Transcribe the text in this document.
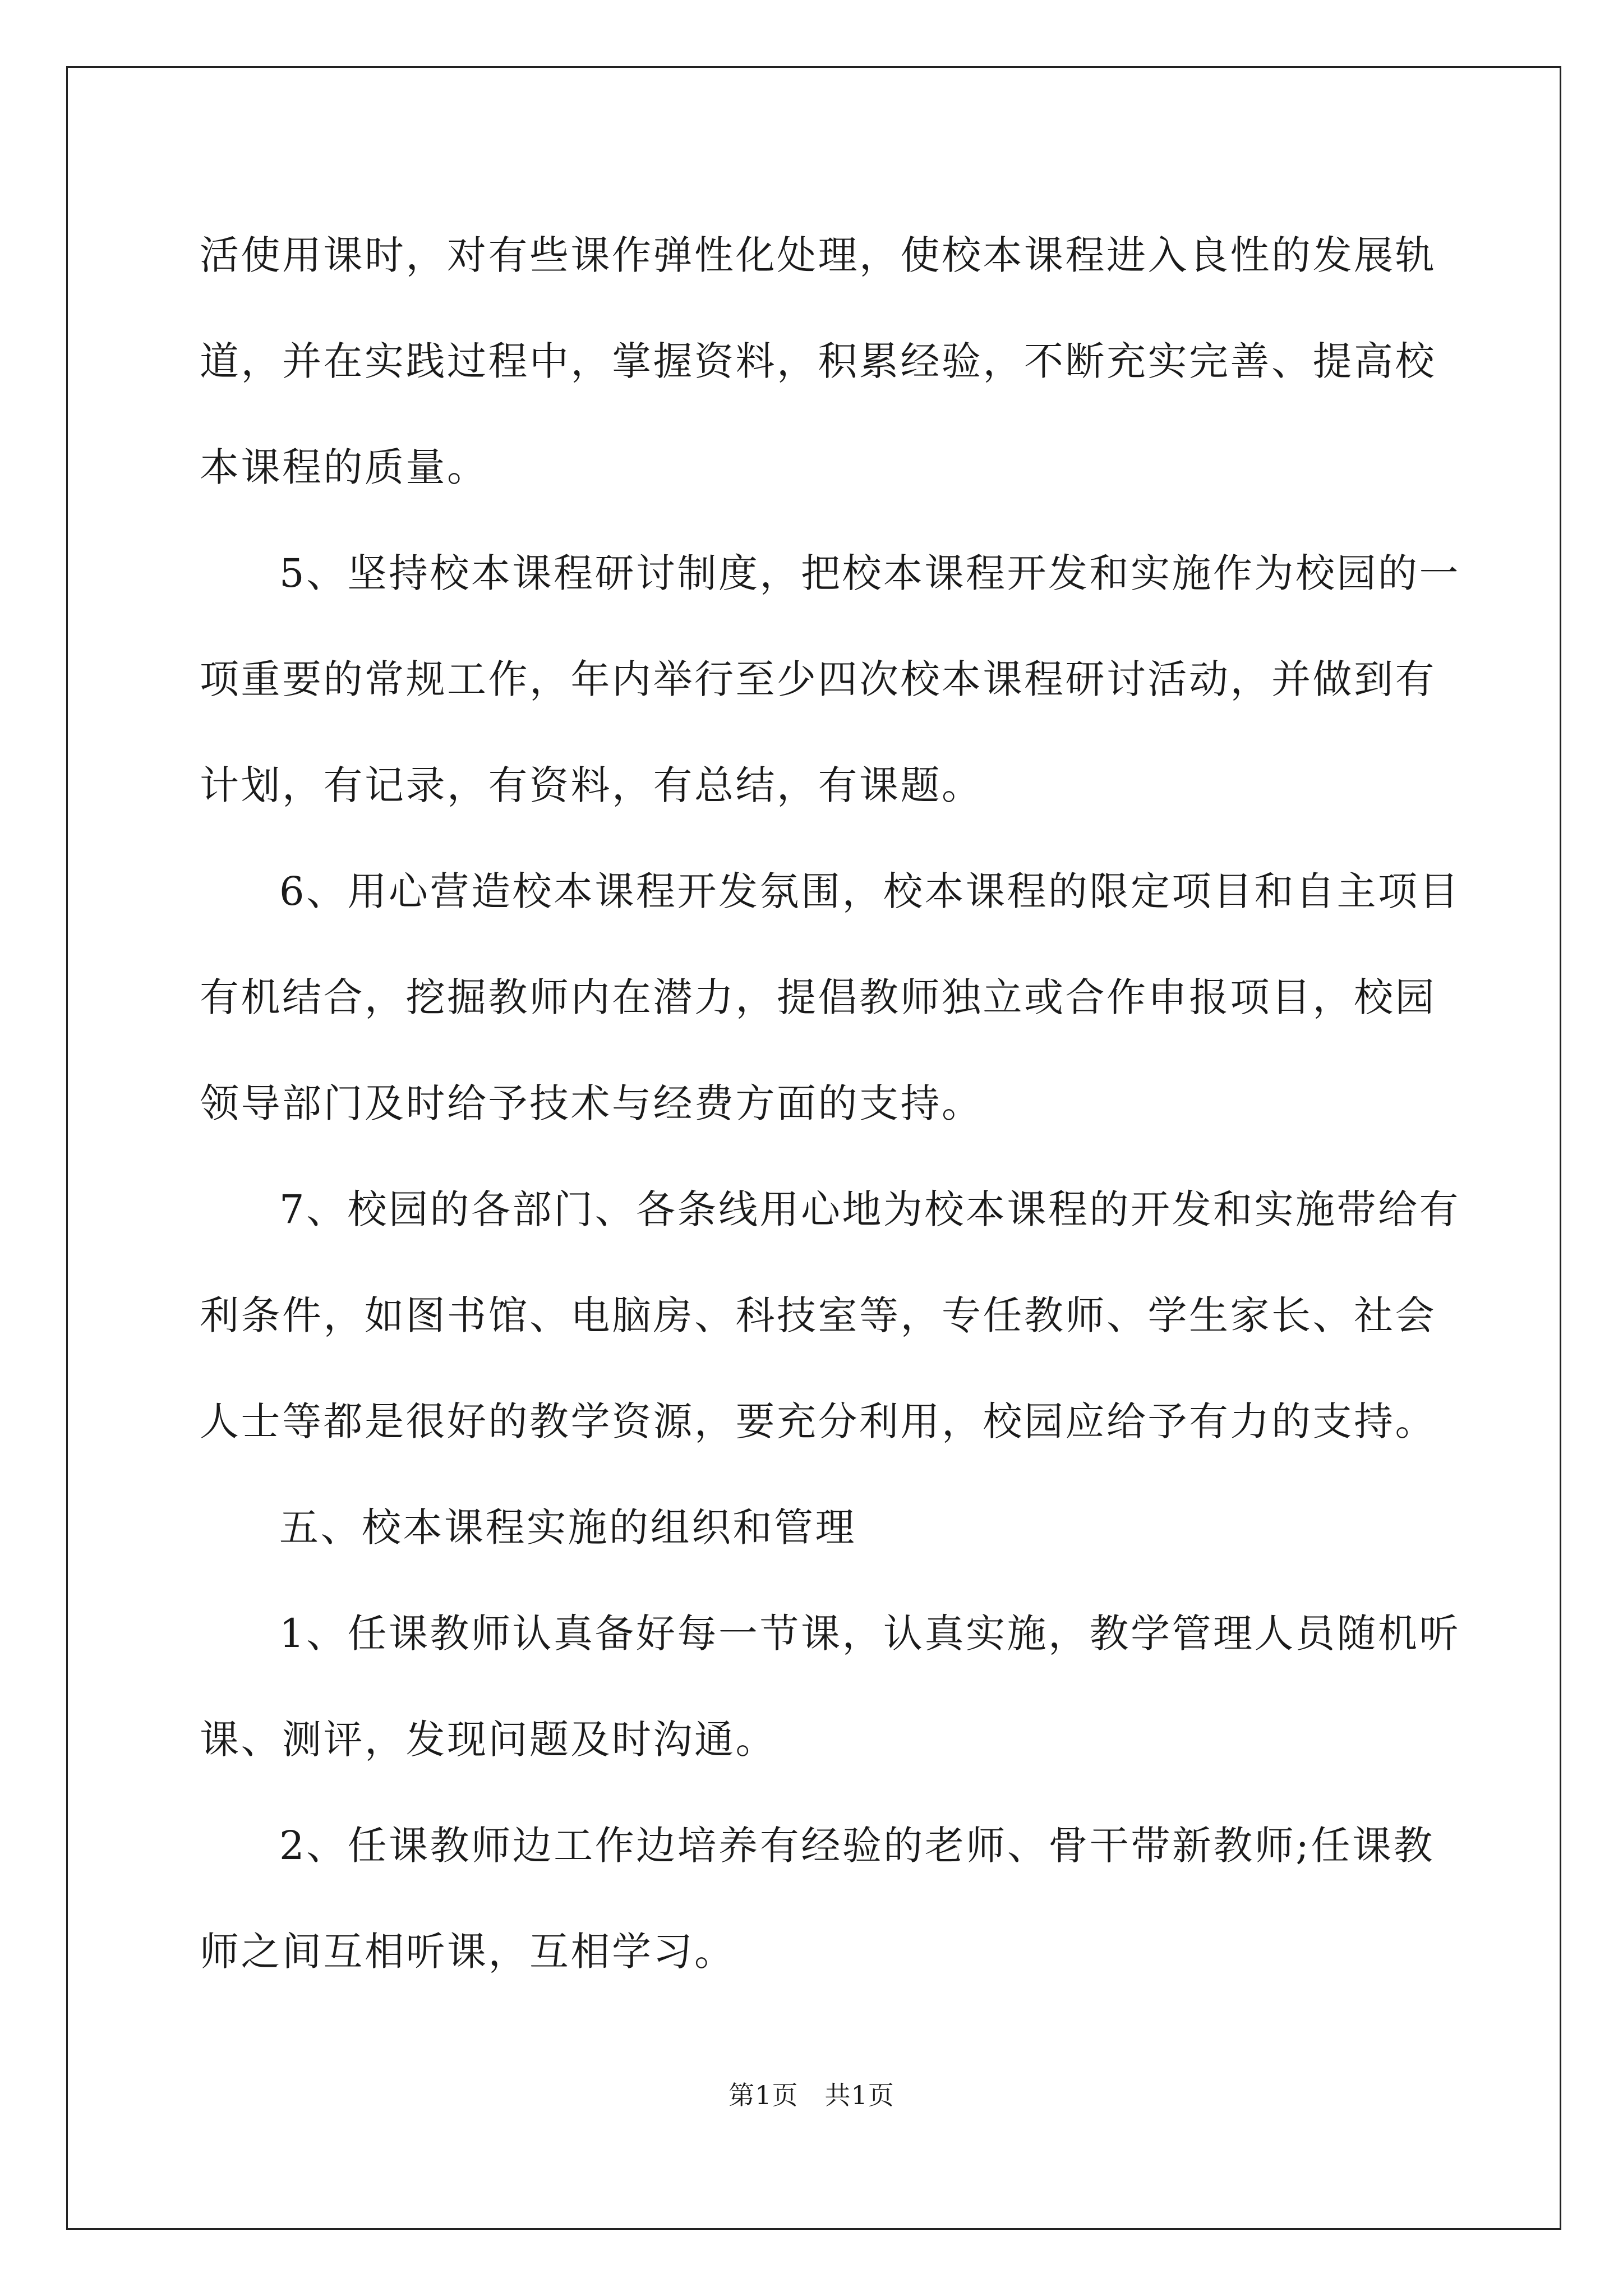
活使用课时，对有些课作弹性化处理，使校本课程进入良性的发展轨
道，并在实践过程中，掌握资料，积累经验，不断充实完善、提高校
本课程的质量。
5、坚持校本课程研讨制度，把校本课程开发和实施作为校园的一
项重要的常规工作，年内举行至少四次校本课程研讨活动，并做到有
计划，有记录，有资料，有总结，有课题。
6、用心营造校本课程开发氛围，校本课程的限定项目和自主项目
有机结合，挖掘教师内在潜力，提倡教师独立或合作申报项目，校园
领导部门及时给予技术与经费方面的支持。
7、校园的各部门、各条线用心地为校本课程的开发和实施带给有
利条件，如图书馆、电脑房、科技室等，专任教师、学生家长、社会
人士等都是很好的教学资源，要充分利用，校园应给予有力的支持。
五、校本课程实施的组织和管理
1、任课教师认真备好每一节课，认真实施，教学管理人员随机听
课、测评，发现问题及时沟通。
2、任课教师边工作边培养有经验的老师、骨干带新教师;任课教
师之间互相听课，互相学习。
第1页　共1页
